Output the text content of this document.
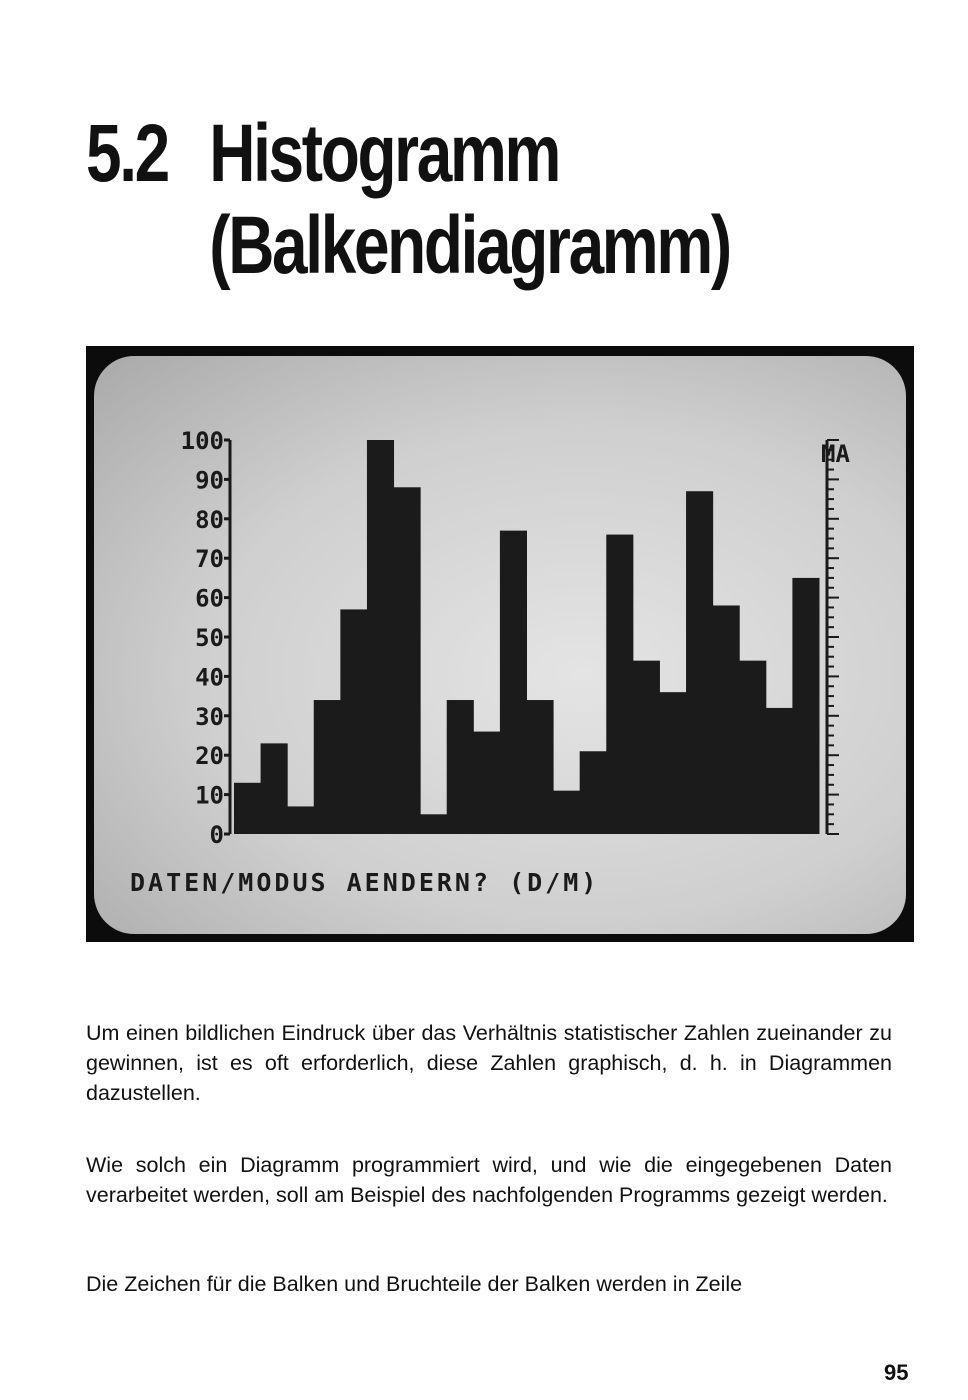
5.2 Histogramm
(Balkendiagramm)
0
10
20
30
40
50
60
70
80
90
100	MA
DATEN/MODUS AENDERN? (D/M)

Um einen bildlichen Eindruck über das Verhältnis statistischer Zahlen zueinander zu gewinnen, ist es oft erforderlich, diese Zahlen graphisch, d. h. in Diagrammen dazustellen.

Wie solch ein Diagramm programmiert wird, und wie die eingegebenen Daten verarbeitet werden, soll am Beispiel des nachfolgenden Programms gezeigt werden.

Die Zeichen für die Balken und Bruchteile der Balken werden in Zeile

95
